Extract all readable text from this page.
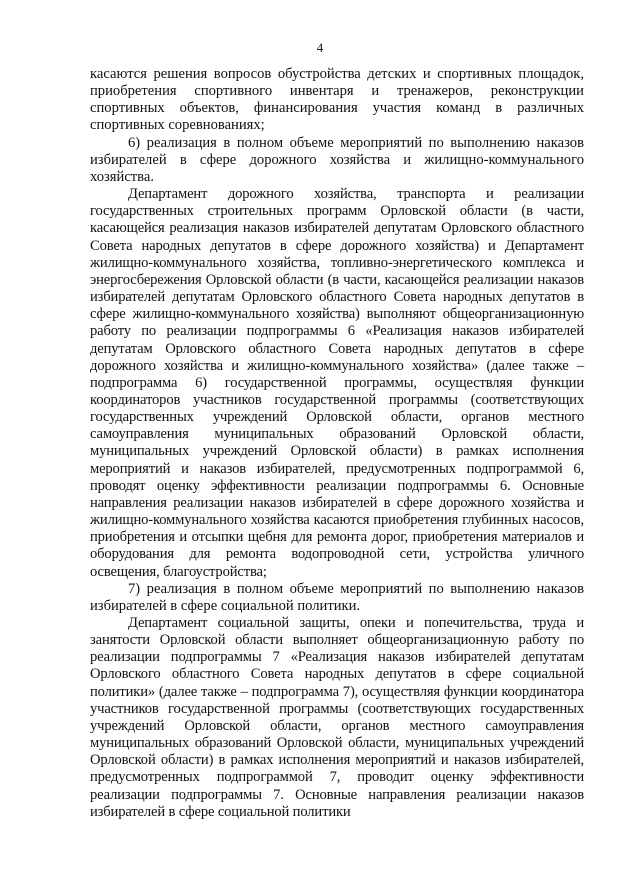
4

касаются решения вопросов обустройства детских и спортивных площадок, приобретения спортивного инвентаря и тренажеров, реконструкции спортивных объектов, финансирования участия команд в различных спортивных соревнованиях;

6) реализация в полном объеме мероприятий по выполнению наказов избирателей в сфере дорожного хозяйства и жилищно-коммунального хозяйства.

Департамент дорожного хозяйства, транспорта и реализации государственных строительных программ Орловской области (в части, касающейся реализация наказов избирателей депутатам Орловского областного Совета народных депутатов в сфере дорожного хозяйства) и Департамент жилищно-коммунального хозяйства, топливно-энергетического комплекса и энергосбережения Орловской области (в части, касающейся реализации наказов избирателей депутатам Орловского областного Совета народных депутатов в сфере жилищно-коммунального хозяйства) выполняют общеорганизационную работу по реализации подпрограммы 6 «Реализация наказов избирателей депутатам Орловского областного Совета народных депутатов в сфере дорожного хозяйства и жилищно-коммунального хозяйства» (далее также – подпрограмма 6) государственной программы, осуществляя функции координаторов участников государственной программы (соответствующих государственных учреждений Орловской области, органов местного самоуправления муниципальных образований Орловской области, муниципальных учреждений Орловской области) в рамках исполнения мероприятий и наказов избирателей, предусмотренных подпрограммой 6, проводят оценку эффективности реализации подпрограммы 6. Основные направления реализации наказов избирателей в сфере дорожного хозяйства и жилищно-коммунального хозяйства касаются приобретения глубинных насосов, приобретения и отсыпки щебня для ремонта дорог, приобретения материалов и оборудования для ремонта водопроводной сети, устройства уличного освещения, благоустройства;

7) реализация в полном объеме мероприятий по выполнению наказов избирателей в сфере социальной политики.

Департамент социальной защиты, опеки и попечительства, труда и занятости Орловской области выполняет общеорганизационную работу по реализации подпрограммы 7 «Реализация наказов избирателей депутатам Орловского областного Совета народных депутатов в сфере социальной политики» (далее также – подпрограмма 7), осуществляя функции координатора участников государственной программы (соответствующих государственных учреждений Орловской области, органов местного самоуправления муниципальных образований Орловской области, муниципальных учреждений Орловской области) в рамках исполнения мероприятий и наказов избирателей, предусмотренных подпрограммой 7, проводит оценку эффективности реализации подпрограммы 7. Основные направления реализации наказов избирателей в сфере социальной политики
